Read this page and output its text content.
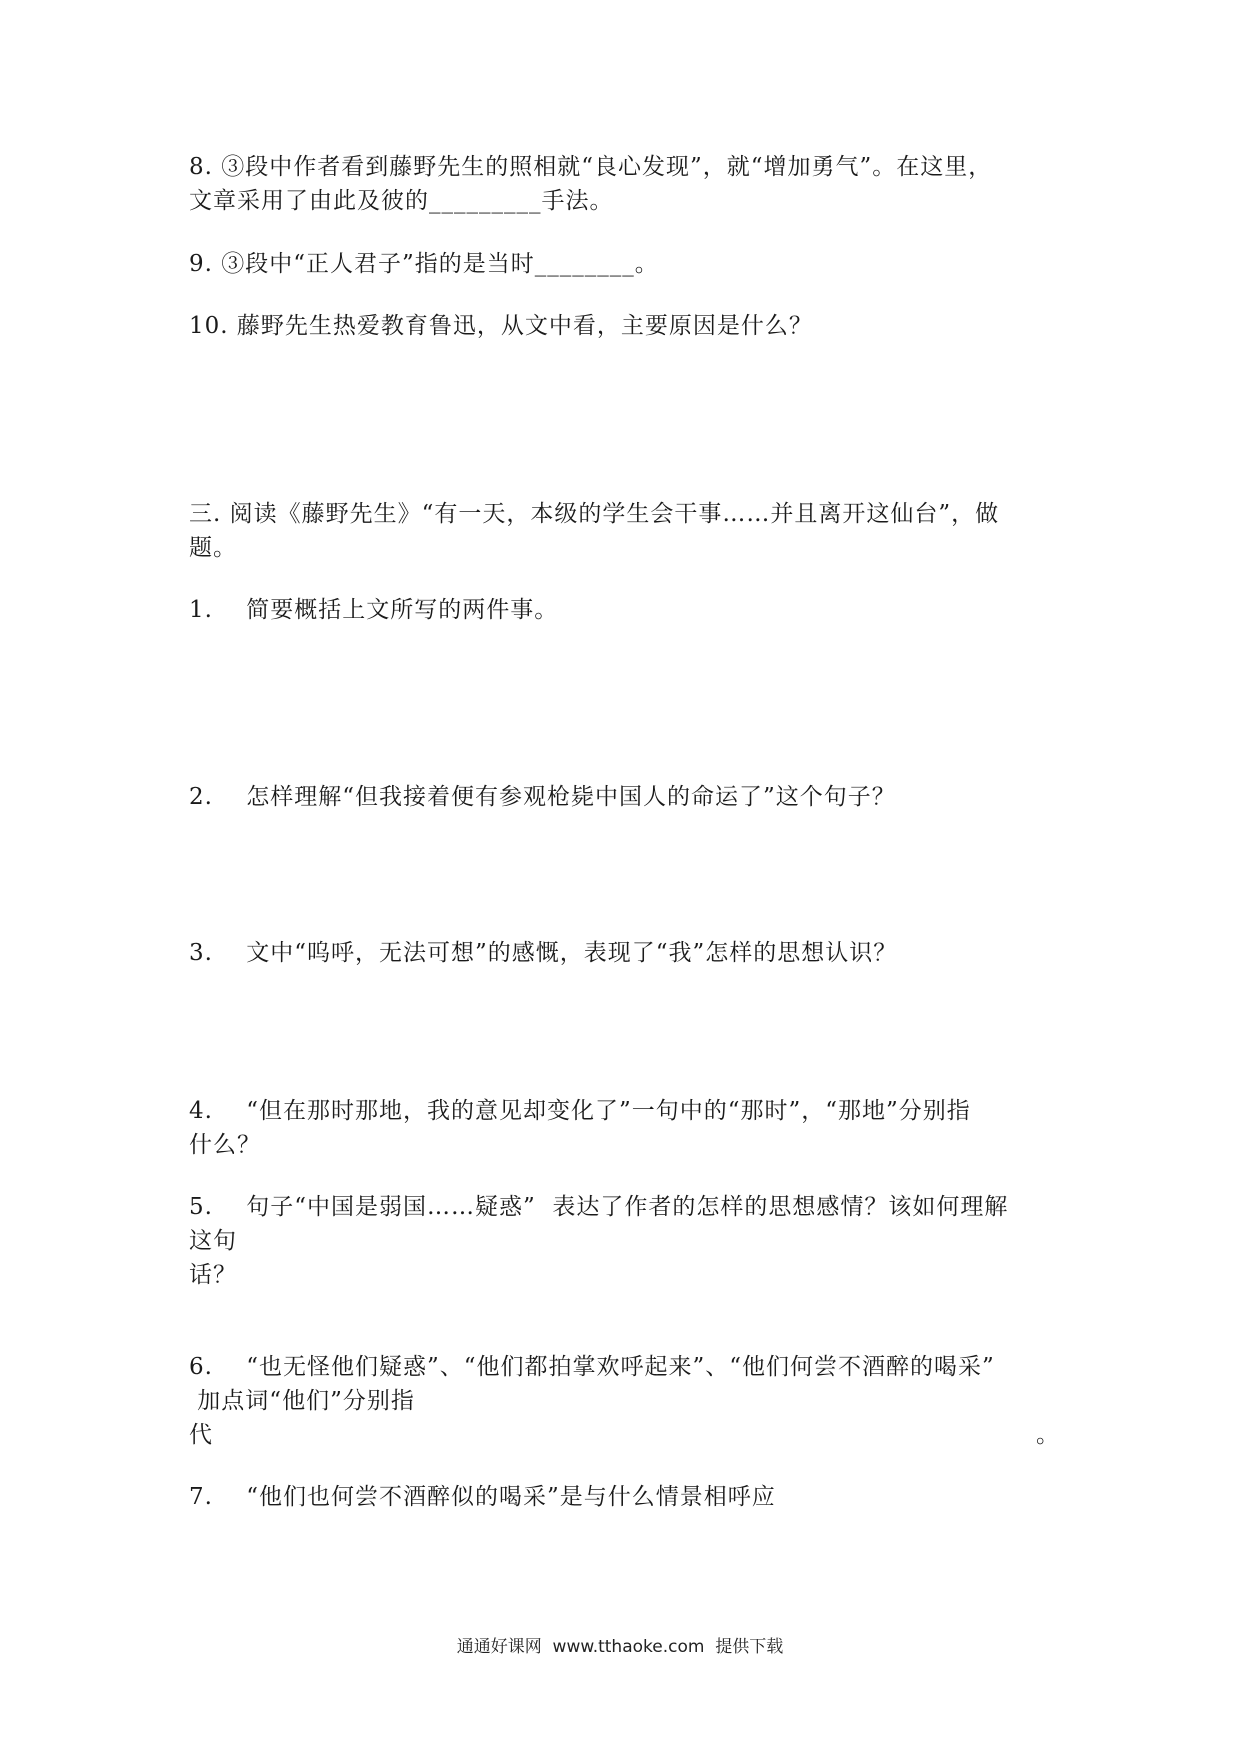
8. ③段中作者看到藤野先生的照相就“良心发现”，就“增加勇气”。在这里，
文章采用了由此及彼的_________手法。
9. ③段中“正人君子”指的是当时________。
10. 藤野先生热爱教育鲁迅，从文中看，主要原因是什么？
三. 阅读《藤野先生》“有一天，本级的学生会干事……并且离开这仙台”，做
题。
1.    简要概括上文所写的两件事。
2.    怎样理解“但我接着便有参观枪毙中国人的命运了”这个句子？
3.    文中“呜呼，无法可想”的感慨，表现了“我”怎样的思想认识？
4.    “但在那时那地，我的意见却变化了”一句中的“那时”，“那地”分别指
什么？
5.    句子“中国是弱国……疑惑”  表达了作者的怎样的思想感情？该如何理解
这句
话？
6.    “也无怪他们疑惑”、“他们都拍掌欢呼起来”、“他们何尝不酒醉的喝采”
加点词“他们”分别指
代	。
7.    “他们也何尝不酒醉似的喝采”是与什么情景相呼应
通通好课网  www.tthaoke.com  提供下载
